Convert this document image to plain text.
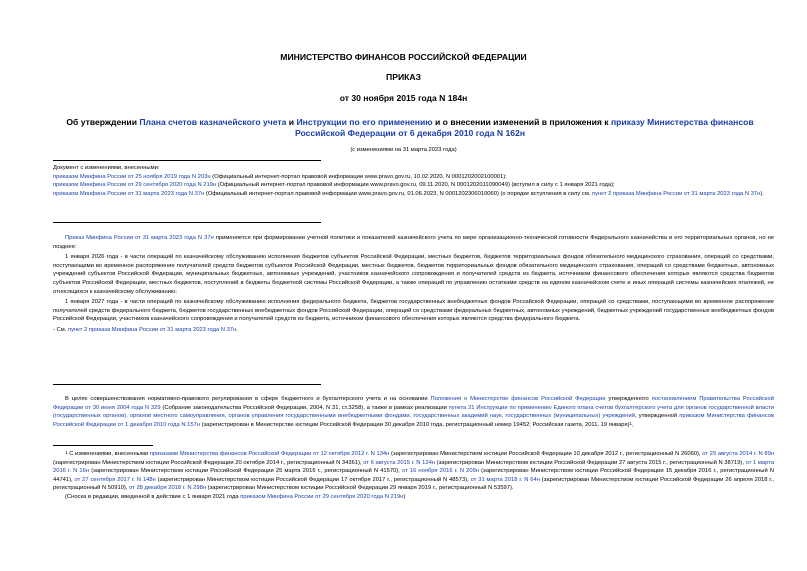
МИНИСТЕРСТВО ФИНАНСОВ РОССИЙСКОЙ ФЕДЕРАЦИИ
ПРИКАЗ
от 30 ноября 2015 года N 184н
Об утверждении Плана счетов казначейского учета и Инструкции по его применению и о внесении изменений в приложения к приказу Министерства финансов Российской Федерации от 6 декабря 2010 года N 162н
(с изменениями на 31 марта 2023 года)

Документ с изменениями, внесенными:

приказом Минфина России от 25 ноября 2019 года N 203н (Официальный интернет-портал правовой информации www.pravo.gov.ru, 10.02.2020, N 0001202002100001);

приказом Минфина России от 29 сентября 2020 года N 219н (Официальный интернет-портал правовой информации www.pravo.gov.ru, 09.11.2020, N 0001202011090049) (вступил в силу с 1 января 2021 года);

приказом Минфина России от 31 марта 2023 года N 37н (Официальный интернет-портал правовой информации www.pravo.gov.ru, 01.06.2023, N 0001202306010060) (о порядке вступления в силу см. пункт 2 приказа Минфина России от 31 марта 2023 года N 37н).

Приказ Минфина России от 31 марта 2023 года N 37н применяется при формировании учетной политики и показателей казначейского учета по мере организационно-технической готовности Федерального казначейства и его территориальных органов, но не позднее:

1 января 2026 года - в части операций по казначейскому обслуживанию исполнения бюджетов субъектов Российской Федерации, местных бюджетов, бюджетов территориальных фондов обязательного медицинского страхования, операций со средствами, поступающими во временное распоряжение получателей средств бюджетов субъектов Российской Федерации, местных бюджетов, бюджетов территориальных фондов обязательного медицинского страхования, операций со средствами бюджетных, автономных учреждений субъектов Российской Федерации, муниципальных бюджетных, автономных учреждений, участников казначейского сопровождения и получателей средств из бюджета, источником финансового обеспечения которых являются средства бюджетов субъектов Российской Федерации, местных бюджетов, поступлений в бюджеты бюджетной системы Российской Федерации, а также операций по управлению остатками средств на едином казначейском счете и иных операций системы казначейских платежей, не относящихся к казначейскому обслуживанию;

1 января 2027 года - в части операций по казначейскому обслуживанию исполнения федерального бюджета, бюджетов государственных внебюджетных фондов Российской Федерации, операций со средствами, поступающими во временное распоряжение получателей средств федерального бюджета, бюджетов государственных внебюджетных фондов Российской Федерации, операций со средствами федеральных бюджетных, автономных учреждений, бюджетных учреждений государственных внебюджетных фондов Российской Федерации, участников казначейского сопровождения и получателей средств из бюджета, источником финансового обеспечения которых являются средства федерального бюджета.

- См. пункт 2 приказа Минфина России от 31 марта 2023 года N 37н.

В целях совершенствования нормативно-правового регулирования в сфере бюджетного и бухгалтерского учета и на основании Положения о Министерстве финансов Российской Федерации утвержденного постановлением Правительства Российской Федерации от 30 июня 2004 года N 329 (Собрание законодательства Российской Федерации, 2004, N 31, ст.3258), а также в рамках реализации пункта 21 Инструкции по применению Единого плана счетов бухгалтерского учета для органов государственной власти (государственных органов), органов местного самоуправления, органов управления государственными внебюджетными фондами, государственных академий наук, государственных (муниципальных) учреждений, утвержденной приказом Министерства финансов Российской Федерации от 1 декабря 2010 года N 157н (зарегистрирован в Министерстве юстиции Российской Федерации 30 декабря 2010 года, регистрационный номер 19452; Российская газета, 2011, 19 января)$^1$,

$^1$ С изменениями, внесенными приказами Министерства финансов Российской Федерации от 12 октября 2012 г. N 134н (зарегистрирован Министерством юстиции Российской Федерации 10 декабря 2012 г., регистрационный N 26060), от 29 августа 2014 г. N 89н (зарегистрирован Министерством юстиции Российской Федерации 20 октября 2014 г., регистрационный N 34361), от 6 августа 2015 г. N 124н (зарегистрирован Министерством юстиции Российской Федерации 27 августа 2015 г., регистрационный N 38719), от 1 марта 2016 г. N 16н (зарегистрирован Министерством юстиции Российской Федерации 25 марта 2016 г., регистрационный N 41570), от 16 ноября 2016 г. N 209н (зарегистрирован Министерством юстиции Российской Федерации 15 декабря 2016 г., регистрационный N 44741), от 27 сентября 2017 г. N 148н (зарегистрирован Министерством юстиции Российской Федерации 17 октября 2017 г., регистрационный N 48573), от 31 марта 2018 г. N 64н (зарегистрирован Министерством юстиции Российской Федерации 26 апреля 2018 г., регистрационный N 50910), от 28 декабря 2018 г. N 298н (зарегистрирован Министерством юстиции Российской Федерации 29 января 2019 г., регистрационный N 53597).

(Сноска в редакции, введенной в действие с 1 января 2021 года приказом Минфина России от 29 сентября 2020 года N 219н)
